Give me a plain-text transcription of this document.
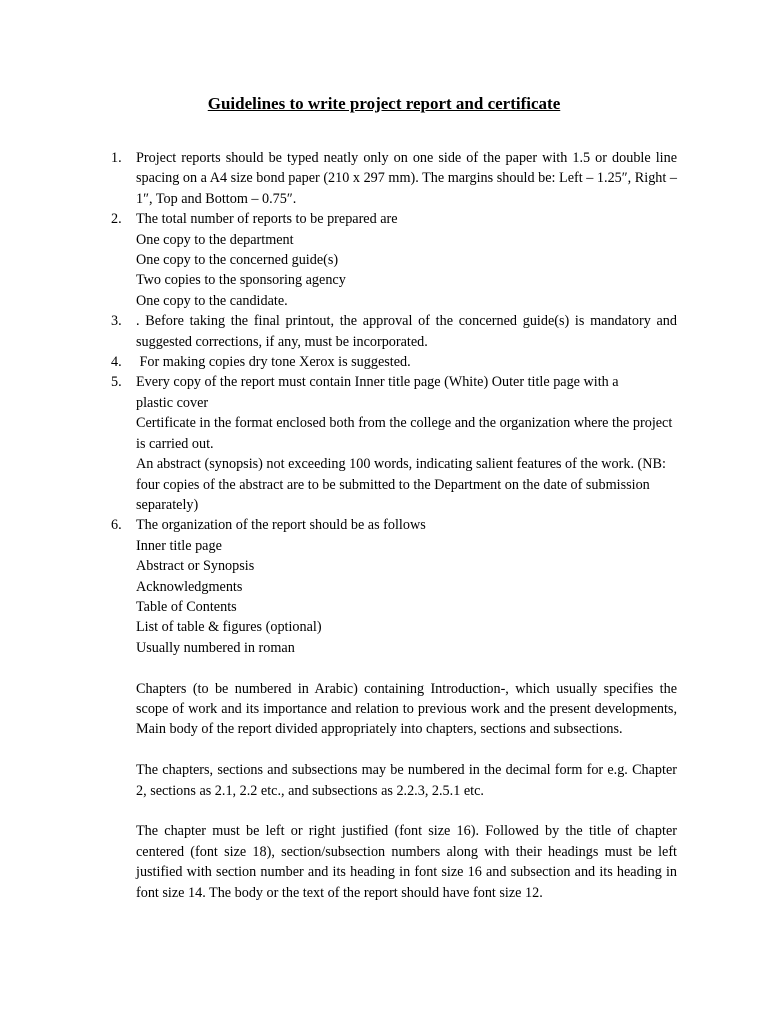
Guidelines to write project report and certificate
1.	Project reports should be typed neatly only on one side of the paper with 1.5 or double line spacing on a A4 size bond paper (210 x 297 mm). The margins should be: Left – 1.25″, Right – 1″, Top and Bottom – 0.75″.
2.	The total number of reports to be prepared are
One copy to the department
One copy to the concerned guide(s)
Two copies to the sponsoring agency
One copy to the candidate.
3.	. Before taking the final printout, the approval of the concerned guide(s) is mandatory and suggested corrections, if any, must be incorporated.
4.	For making copies dry tone Xerox is suggested.
5.	Every copy of the report must contain Inner title page (White) Outer title page with a plastic cover
Certificate in the format enclosed both from the college and the organization where the project is carried out.
An abstract (synopsis) not exceeding 100 words, indicating salient features of the work. (NB: four copies of the abstract are to be submitted to the Department on the date of submission separately)
6.	The organization of the report should be as follows
Inner title page
Abstract or Synopsis
Acknowledgments
Table of Contents
List of table & figures (optional)
Usually numbered in roman
Chapters (to be numbered in Arabic) containing Introduction-, which usually specifies the scope of work and its importance and relation to previous work and the present developments, Main body of the report divided appropriately into chapters, sections and subsections.
The chapters, sections and subsections may be numbered in the decimal form for e.g. Chapter 2, sections as 2.1, 2.2 etc., and subsections as 2.2.3, 2.5.1 etc.
The chapter must be left or right justified (font size 16). Followed by the title of chapter centered (font size 18), section/subsection numbers along with their headings must be left justified with section number and its heading in font size 16 and subsection and its heading in font size 14. The body or the text of the report should have font size 12.
